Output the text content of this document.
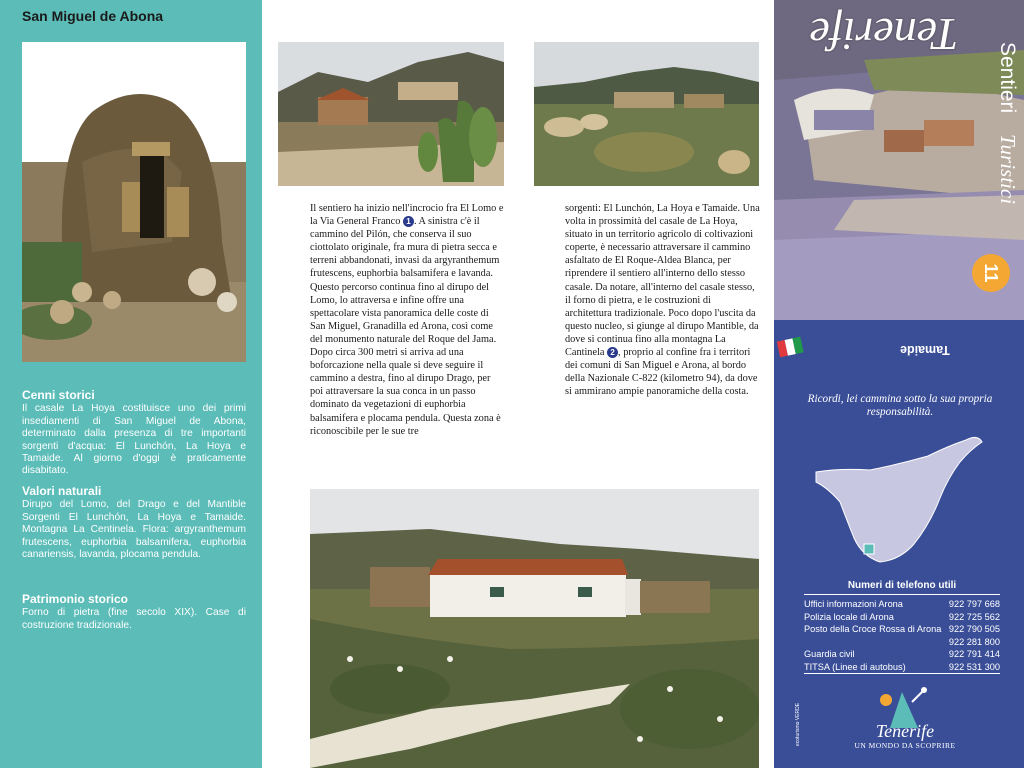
San Miguel de Abona
Cenni storici

Il casale La Hoya costituisce uno dei primi insediamenti di San Miguel de Abona, determinato dalla presenza di tre importanti sorgenti d'acqua: El Lunchón, La Hoya e Tamaide. Al giorno d'oggi è praticamente disabitato.

Valori naturali

Dirupo del Lomo, del Drago e del Mantible Sorgenti El Lunchón, La Hoya e Tamaide. Montagna La Centinela. Flora: argyranthemum frutescens, euphorbia balsamifera, euphorbia canariensis, lavanda, plocama pendula.

Patrimonio storico

Forno di pietra (fine secolo XIX). Case di costruzione tradizionale.

Il sentiero ha inizio nell'incrocio fra El Lomo e la Via General Franco 1 . A sinistra c'è il cammino del Pilón, che conserva il suo ciottolato originale, fra mura di pietra secca e terreni abbandonati, invasi da argyranthemum frutescens, euphorbia balsamifera e lavanda. Questo percorso continua fino al dirupo del Lomo, lo attraversa e infine offre una spettacolare vista panoramica delle coste di San Miguel, Granadilla ed Arona, così come del monumento naturale del Roque del Jama. Dopo circa 300 metri si arriva ad una boforcazione nella quale si deve seguire il cammino a destra, fino al dirupo Drago, per poi attraversare la sua conca in un passo dominato da vegetazioni di euphorbia balsamifera e plocama pendula. Questa zona è riconoscibile per le sue tre
sorgenti: El Lunchón, La Hoya e Tamaide. Una volta in prossimità del casale de La Hoya, situato in un territorio agricolo di coltivazioni coperte, è necessario attraversare il cammino asfaltato de El Roque-Aldea Blanca, per riprendere il sentiero all'interno dello stesso casale. Da notare, all'interno del casale stesso, il forno di pietra, e le costruzioni di architettura tradizionale. Poco dopo l'uscita da questo nucleo, si giunge al dirupo Mantible, da dove si continua fino alla montagna La Cantinela 2 , proprio al confine fra i territori dei comuni di San Miguel e Arona, al bordo della Nazionale C-822 (kilometro 94), da dove si ammirano ampie panoramiche della costa.
Tenerife
Sentieri
Turistici
11
Tamaide
Ricordi, lei cammina sotto la sua propria responsabilità.
Numeri di telefono utili
Uffici informazioni Arona	922 797 668
Polizia locale di Arona	922 725 562
Posto della Croce Rossa di Arona 922 790 505
922 281 800
Guardia civil	922 791 414
TITSA (Linee di autobus)	922 531 300
ecoturismo VERDE	Tenerife
UN MONDO DA SCOPRIRE
